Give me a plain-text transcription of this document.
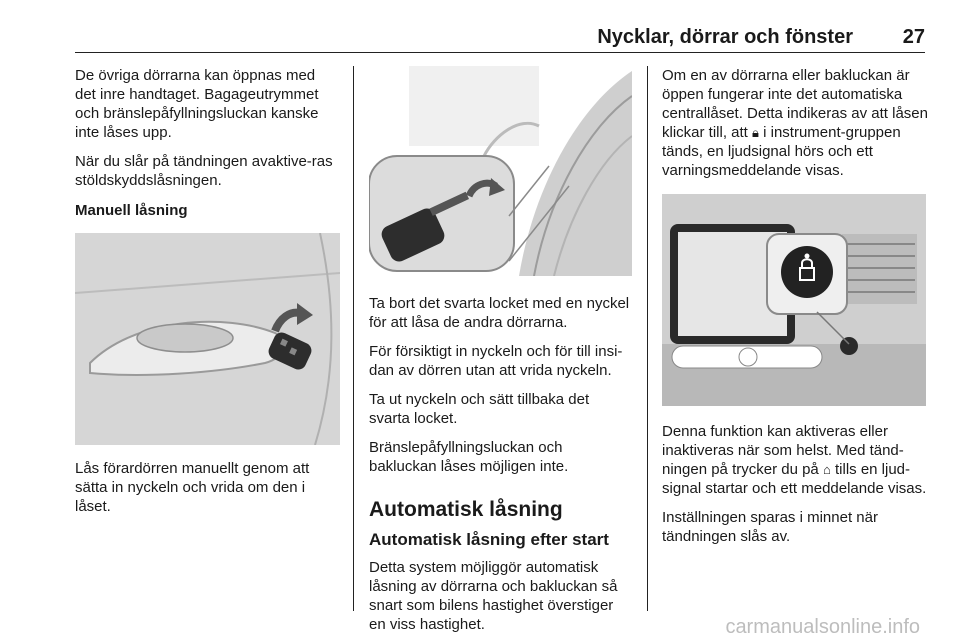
Nycklar, dörrar och fönster 27

De övriga dörrarna kan öppnas med det inre handtaget. Bagageutrymmet och bränslepåfyllningsluckan kanske inte låses upp.

När du slår på tändningen avaktive-ras stöldskyddslåsningen.

Manuell låsning

Lås förardörren manuellt genom att sätta in nyckeln och vrida om den i låset.

Ta bort det svarta locket med en nyckel för att låsa de andra dörrarna.

För försiktigt in nyckeln och för till insi-dan av dörren utan att vrida nyckeln.

Ta ut nyckeln och sätt tillbaka det svarta locket.

Bränslepåfyllningsluckan och bakluckan låses möjligen inte.

Automatisk låsning
Automatisk låsning efter start

Detta system möjliggör automatisk låsning av dörrarna och bakluckan så snart som bilens hastighet överstiger en viss hastighet.

Om en av dörrarna eller bakluckan är öppen fungerar inte det automatiska centrallåset. Detta indikeras av att låsen klickar till, att 🔒︎ i instrument-gruppen tänds, en ljudsignal hörs och ett varningsmeddelande visas.

Denna funktion kan aktiveras eller inaktiveras när som helst. Med tänd-ningen på trycker du på ⌂ tills en ljud-signal startar och ett meddelande visas.

Inställningen sparas i minnet när tändningen slås av.

carmanualsonline.info
